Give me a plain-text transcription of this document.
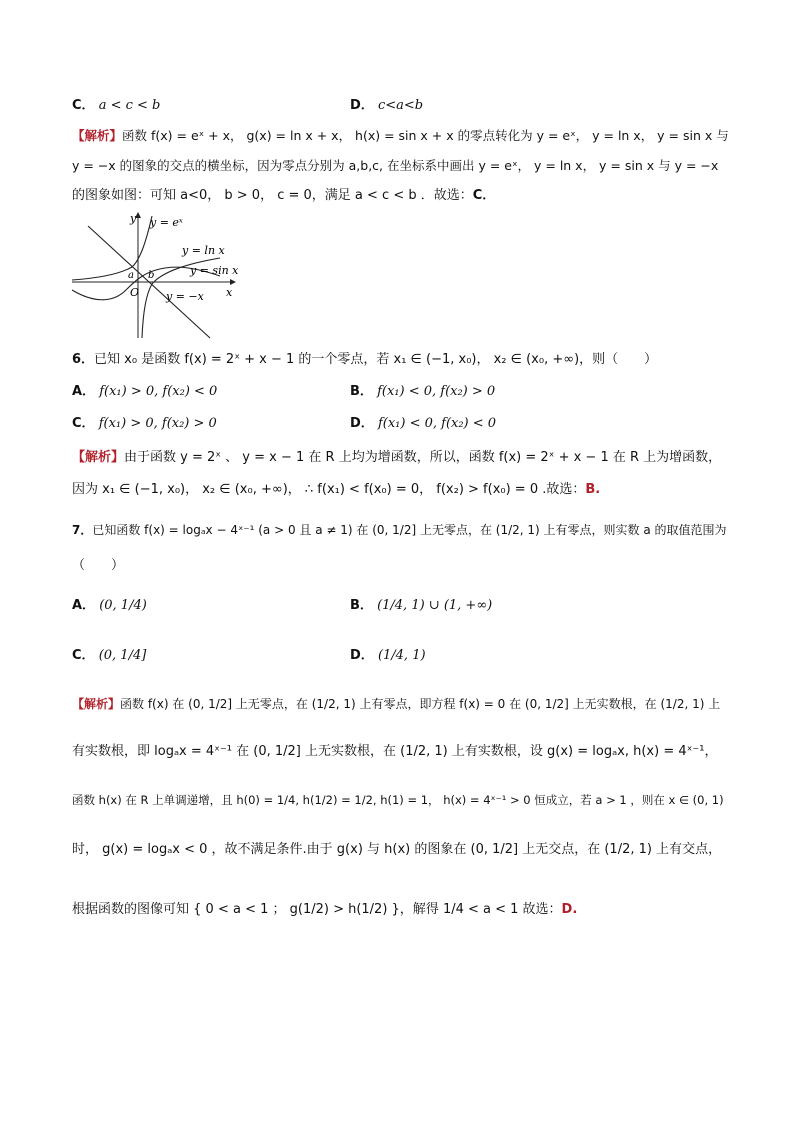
C． a < c < b	D． c<a<b
【解析】函数 f(x) = eˣ + x， g(x) = ln x + x， h(x) = sin x + x 的零点转化为 y = eˣ， y = ln x， y = sin x 与
y = −x 的图象的交点的横坐标，因为零点分别为 a,b,c, 在坐标系中画出 y = eˣ， y = ln x， y = sin x 与 y = −x
的图象如图：可知 a<0， b > 0， c = 0，满足 a < c < b ．故选：C．
y = eˣ
y = ln x
y = sin x
y = −x x
y
O
a b
6．已知 x₀ 是函数 f(x) = 2ˣ + x − 1 的一个零点，若 x₁ ∈ (−1, x₀)， x₂ ∈ (x₀, +∞)，则（　　）
A． f(x₁) > 0, f(x₂) < 0	B． f(x₁) < 0, f(x₂) > 0
C． f(x₁) > 0, f(x₂) > 0	D． f(x₁) < 0, f(x₂) < 0
【解析】由于函数 y = 2ˣ 、 y = x − 1 在 R 上均为增函数，所以，函数 f(x) = 2ˣ + x − 1 在 R 上为增函数，
因为 x₁ ∈ (−1, x₀)， x₂ ∈ (x₀, +∞)， ∴ f(x₁) < f(x₀) = 0， f(x₂) > f(x₀) = 0 .故选：B.
7．已知函数 f(x) = logₐx − 4ˣ⁻¹ (a > 0 且 a ≠ 1) 在 (0, 1/2] 上无零点，在 (1/2, 1) 上有零点，则实数 a 的取值范围为
（　　）
A． (0, 1/4)	B． (1/4, 1) ∪ (1, +∞)
C． (0, 1/4]	D． (1/4, 1)
【解析】函数 f(x) 在 (0, 1/2] 上无零点，在 (1/2, 1) 上有零点，即方程 f(x) = 0 在 (0, 1/2] 上无实数根，在 (1/2, 1) 上
有实数根，即 logₐx = 4ˣ⁻¹ 在 (0, 1/2] 上无实数根，在 (1/2, 1) 上有实数根，设 g(x) = logₐx, h(x) = 4ˣ⁻¹，
函数 h(x) 在 R 上单调递增，且 h(0) = 1/4, h(1/2) = 1/2, h(1) = 1， h(x) = 4ˣ⁻¹ > 0 恒成立，若 a > 1 ，则在 x ∈ (0, 1)
时， g(x) = logₐx < 0 ，故不满足条件.由于 g(x) 与 h(x) 的图象在 (0, 1/2] 上无交点，在 (1/2, 1) 上有交点，
根据函数的图像可知 { 0 < a < 1 ； g(1/2) > h(1/2) }，解得 1/4 < a < 1 故选：D.
